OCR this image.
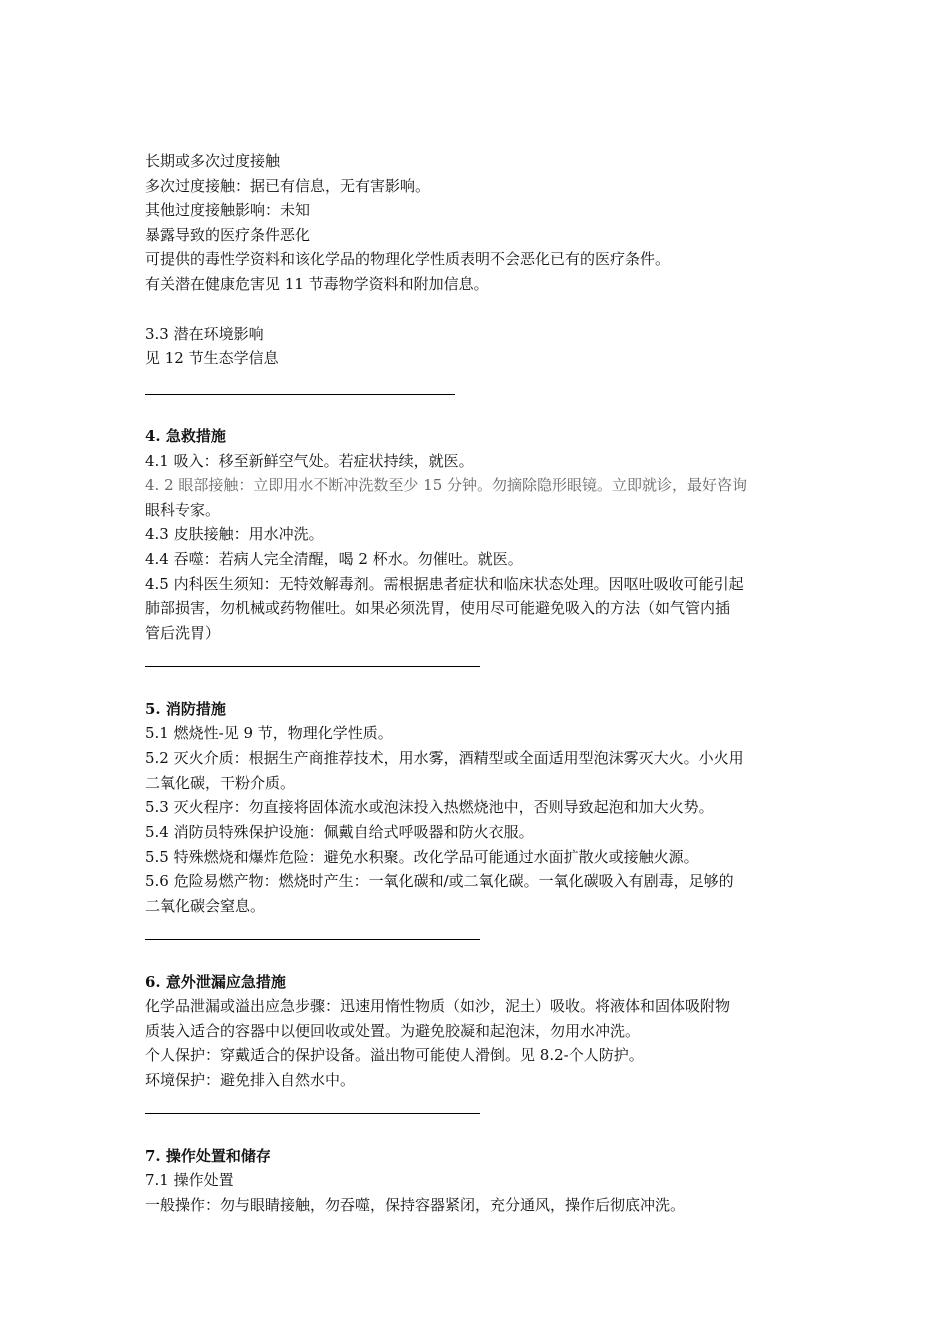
长期或多次过度接触
多次过度接触：据已有信息，无有害影响。
其他过度接触影响：未知
暴露导致的医疗条件恶化
可提供的毒性学资料和该化学品的物理化学性质表明不会恶化已有的医疗条件。
有关潜在健康危害见 11 节毒物学资料和附加信息。
3.3 潜在环境影响
见 12 节生态学信息
4. 急救措施
4.1 吸入：移至新鲜空气处。若症状持续，就医。
4. 2 眼部接触：立即用水不断冲洗数至少 15 分钟。勿摘除隐形眼镜。立即就诊，最好咨询
眼科专家。
4.3 皮肤接触：用水冲洗。
4.4 吞噬：若病人完全清醒，喝 2 杯水。勿催吐。就医。
4.5 内科医生须知：无特效解毒剂。需根据患者症状和临床状态处理。因呕吐吸收可能引起
肺部损害，勿机械或药物催吐。如果必须洗胃，使用尽可能避免吸入的方法（如气管内插
管后洗胃）
5. 消防措施
5.1 燃烧性-见 9 节，物理化学性质。
5.2 灭火介质：根据生产商推荐技术，用水雾，酒精型或全面适用型泡沫雾灭大火。小火用
二氧化碳，干粉介质。
5.3 灭火程序：勿直接将固体流水或泡沫投入热燃烧池中，否则导致起泡和加大火势。
5.4 消防员特殊保护设施：佩戴自给式呼吸器和防火衣服。
5.5 特殊燃烧和爆炸危险：避免水积聚。改化学品可能通过水面扩散火或接触火源。
5.6 危险易燃产物：燃烧时产生：一氧化碳和/或二氧化碳。一氧化碳吸入有剧毒，足够的
二氧化碳会窒息。
6. 意外泄漏应急措施
化学品泄漏或溢出应急步骤：迅速用惰性物质（如沙，泥土）吸收。将液体和固体吸附物
质装入适合的容器中以便回收或处置。为避免胶凝和起泡沫，勿用水冲洗。
个人保护：穿戴适合的保护设备。溢出物可能使人滑倒。见 8.2-个人防护。
环境保护：避免排入自然水中。
7. 操作处置和储存
7.1 操作处置
一般操作：勿与眼睛接触，勿吞噬，保持容器紧闭，充分通风，操作后彻底冲洗。
